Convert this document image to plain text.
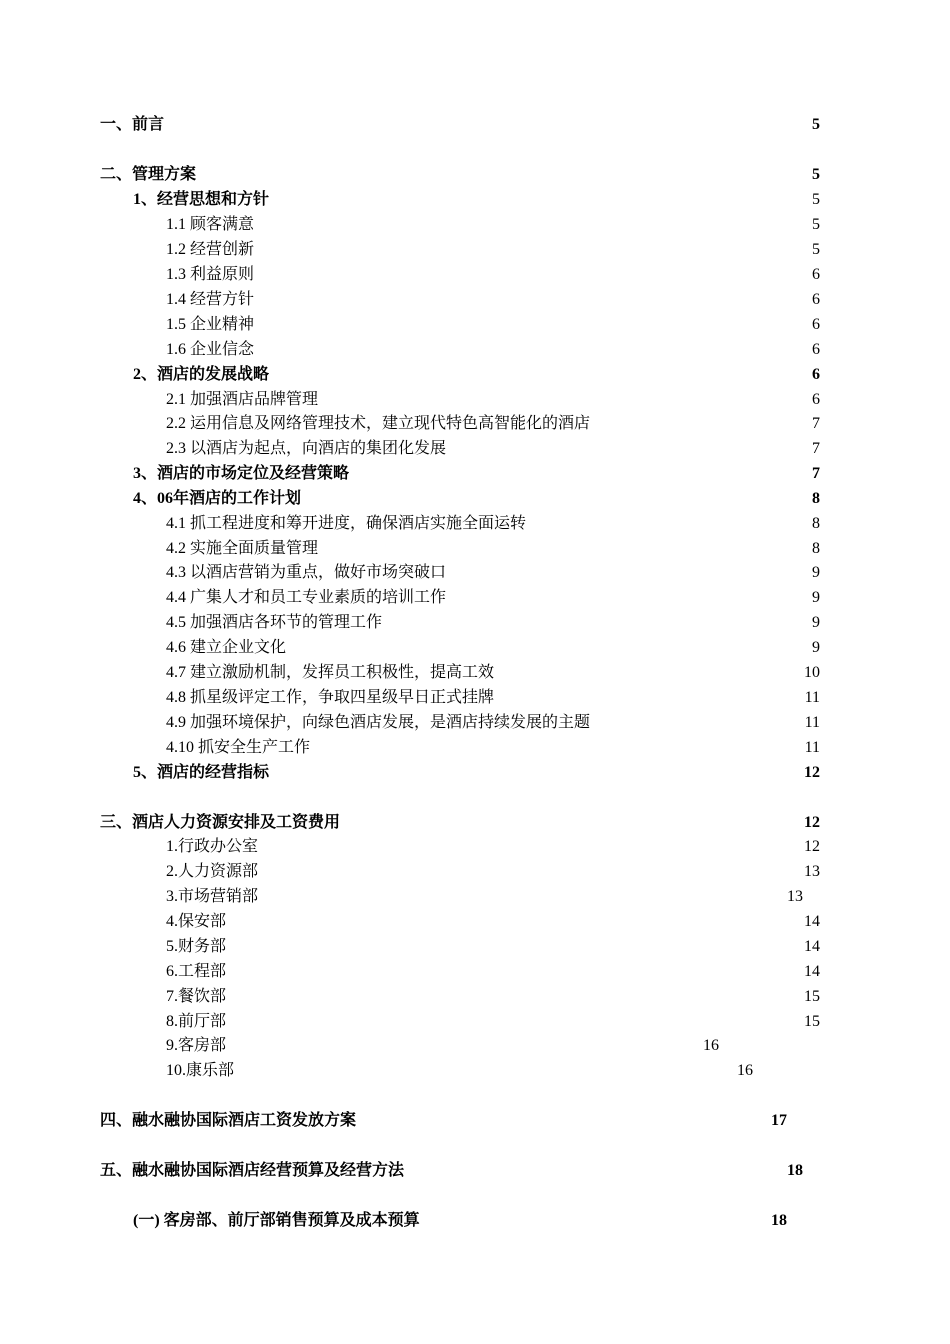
一、前言	5
二、管理方案	5
1、经营思想和方针	5
1.1 顾客满意	5
1.2 经营创新	5
1.3 利益原则	6
1.4 经营方针	6
1.5 企业精神	6
1.6 企业信念	6
2、酒店的发展战略	6
2.1 加强酒店品牌管理	6
2.2 运用信息及网络管理技术，建立现代特色高智能化的酒店	7
2.3 以酒店为起点，向酒店的集团化发展	7
3、酒店的市场定位及经营策略	7
4、06年酒店的工作计划	8
4.1 抓工程进度和筹开进度，确保酒店实施全面运转	8
4.2 实施全面质量管理	8
4.3 以酒店营销为重点，做好市场突破口	9
4.4 广集人才和员工专业素质的培训工作	9
4.5 加强酒店各环节的管理工作	9
4.6 建立企业文化	9
4.7 建立激励机制，发挥员工积极性，提高工效	10
4.8 抓星级评定工作，争取四星级早日正式挂牌	11
4.9 加强环境保护，向绿色酒店发展，是酒店持续发展的主题	11
4.10 抓安全生产工作	11
5、酒店的经营指标	12
三、酒店人力资源安排及工资费用	12
1.行政办公室	12
2.人力资源部	13
3.市场营销部	13
4.保安部	14
5.财务部	14
6.工程部	14
7.餐饮部	15
8.前厅部	15
9.客房部	16
10.康乐部	16
四、融水融协国际酒店工资发放方案	17
五、融水融协国际酒店经营预算及经营方法	18
(一) 客房部、前厅部销售预算及成本预算	18
